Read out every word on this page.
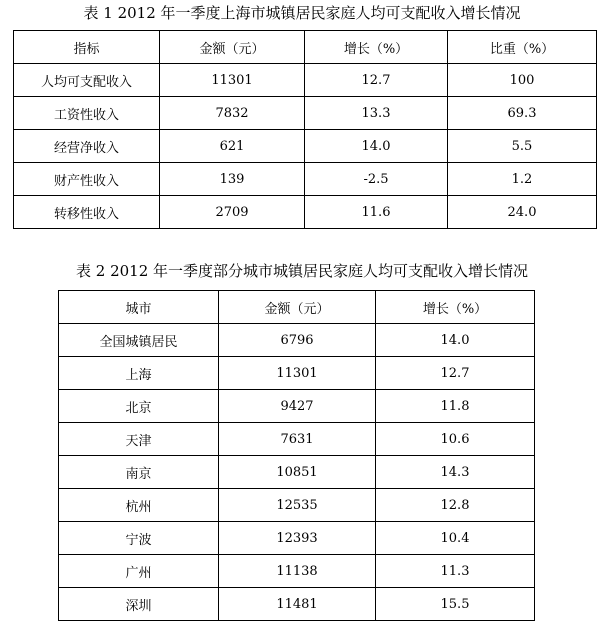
表 1 2012 年一季度上海市城镇居民家庭人均可支配收入增长情况
指标	金额（元）	增长（%）	比重（%）
人均可支配收入	11301	12.7	100
工资性收入	7832	13.3	69.3
经营净收入	621	14.0	5.5
财产性收入	139	-2.5	1.2
转移性收入	2709	11.6	24.0
表 2 2012 年一季度部分城市城镇居民家庭人均可支配收入增长情况
城市	金额（元）	增长（%）
全国城镇居民	6796	14.0
上海	11301	12.7
北京	9427	11.8
天津	7631	10.6
南京	10851	14.3
杭州	12535	12.8
宁波	12393	10.4
广州	11138	11.3
深圳	11481	15.5
